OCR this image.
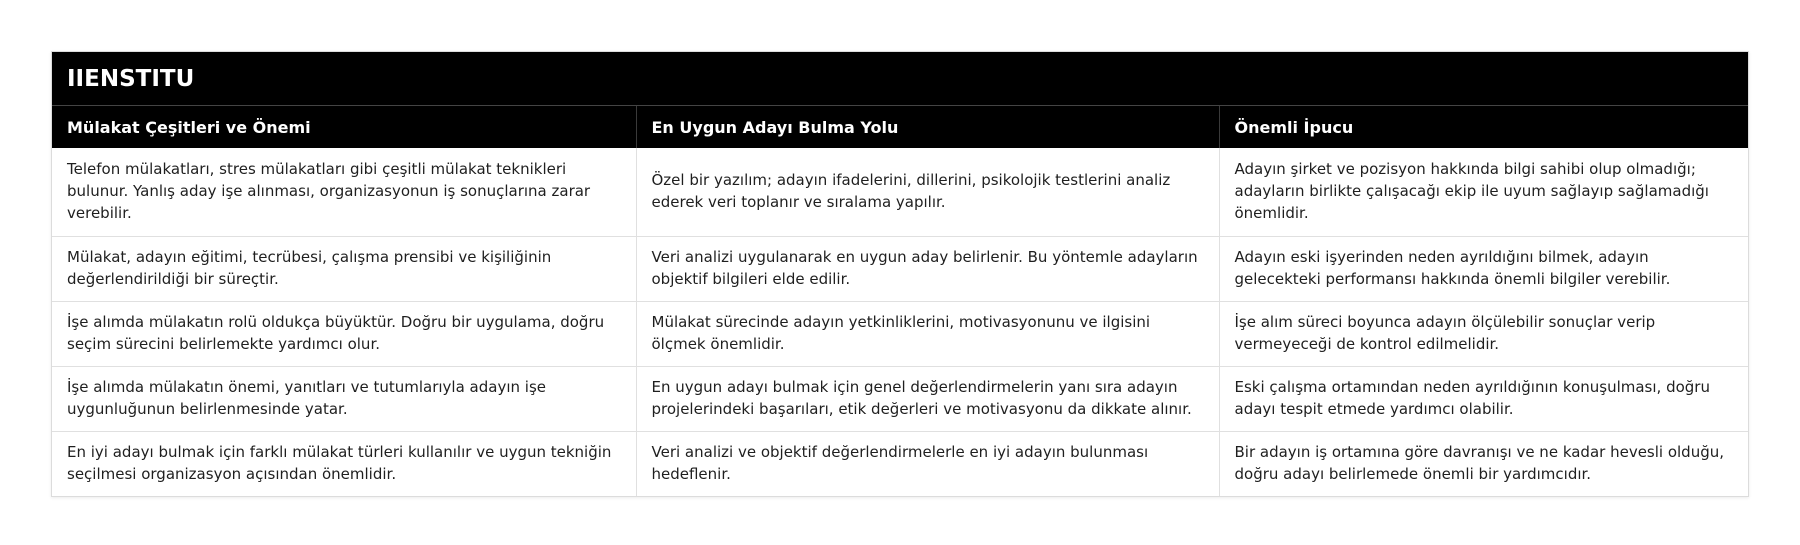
IIENSTITU
Mülakat Çeşitleri ve Önemi	En Uygun Adayı Bulma Yolu	Önemli İpucu
Telefon mülakatları, stres mülakatları gibi çeşitli mülakat teknikleri bulunur. Yanlış aday işe alınması, organizasyonun iş sonuçlarına zarar verebilir.	Özel bir yazılım; adayın ifadelerini, dillerini, psikolojik testlerini analiz ederek veri toplanır ve sıralama yapılır.	Adayın şirket ve pozisyon hakkında bilgi sahibi olup olmadığı; adayların birlikte çalışacağı ekip ile uyum sağlayıp sağlamadığı önemlidir.
Mülakat, adayın eğitimi, tecrübesi, çalışma prensibi ve kişiliğinin değerlendirildiği bir süreçtir.	Veri analizi uygulanarak en uygun aday belirlenir. Bu yöntemle adayların objektif bilgileri elde edilir.	Adayın eski işyerinden neden ayrıldığını bilmek, adayın gelecekteki performansı hakkında önemli bilgiler verebilir.
İşe alımda mülakatın rolü oldukça büyüktür. Doğru bir uygulama, doğru seçim sürecini belirlemekte yardımcı olur.	Mülakat sürecinde adayın yetkinliklerini, motivasyonunu ve ilgisini ölçmek önemlidir.	İşe alım süreci boyunca adayın ölçülebilir sonuçlar verip vermeyeceği de kontrol edilmelidir.
İşe alımda mülakatın önemi, yanıtları ve tutumlarıyla adayın işe uygunluğunun belirlenmesinde yatar.	En uygun adayı bulmak için genel değerlendirmelerin yanı sıra adayın projelerindeki başarıları, etik değerleri ve motivasyonu da dikkate alınır.	Eski çalışma ortamından neden ayrıldığının konuşulması, doğru adayı tespit etmede yardımcı olabilir.
En iyi adayı bulmak için farklı mülakat türleri kullanılır ve uygun tekniğin seçilmesi organizasyon açısından önemlidir.	Veri analizi ve objektif değerlendirmelerle en iyi adayın bulunması hedeflenir.	Bir adayın iş ortamına göre davranışı ve ne kadar hevesli olduğu, doğru adayı belirlemede önemli bir yardımcıdır.
